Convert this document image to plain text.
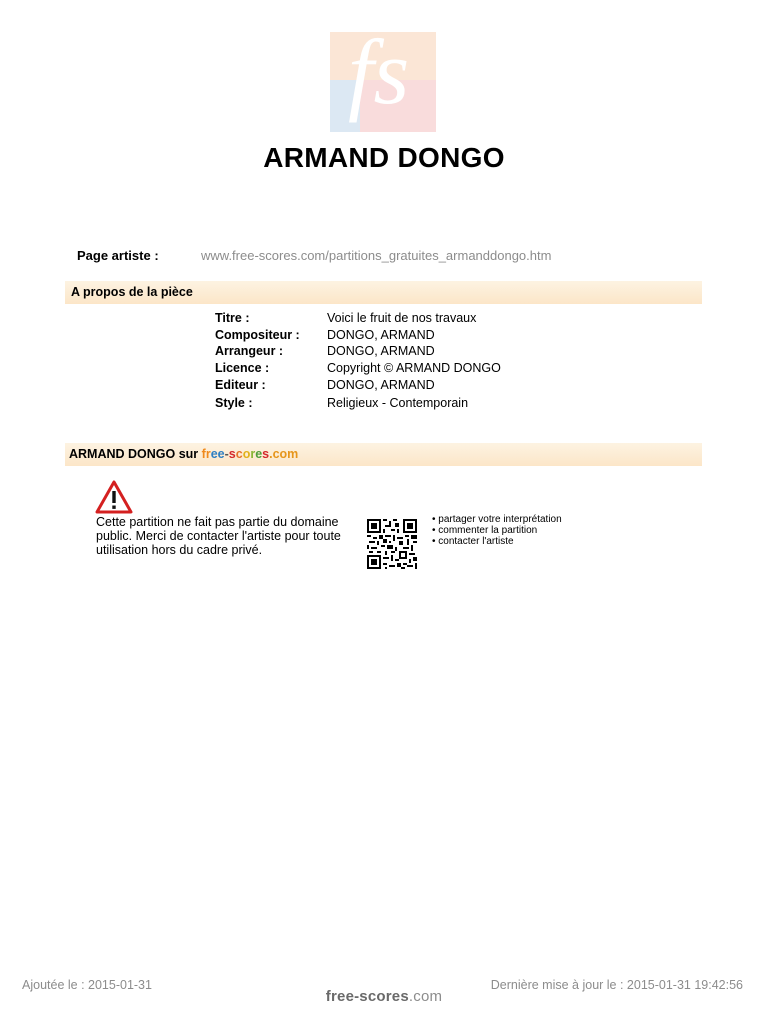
fs
ARMAND DONGO
Page artiste :	www.free-scores.com/partitions_gratuites_armanddongo.htm
A propos de la pièce
Titre :	Voici le fruit de nos travaux
Compositeur : DONGO, ARMAND
Arrangeur :	DONGO, ARMAND
Licence :	Copyright © ARMAND DONGO
Editeur :	DONGO, ARMAND
Style :	Religieux - Contemporain
ARMAND DONGO sur free-scores.com
Cette partition ne fait pas partie du domaine public. Merci de contacter l'artiste pour toute utilisation hors du cadre privé.
• partager votre interprétation
• commenter la partition
• contacter l'artiste
Ajoutée le : 2015-01-31	Dernière mise à jour le : 2015-01-31 19:42:56
free-scores.com
